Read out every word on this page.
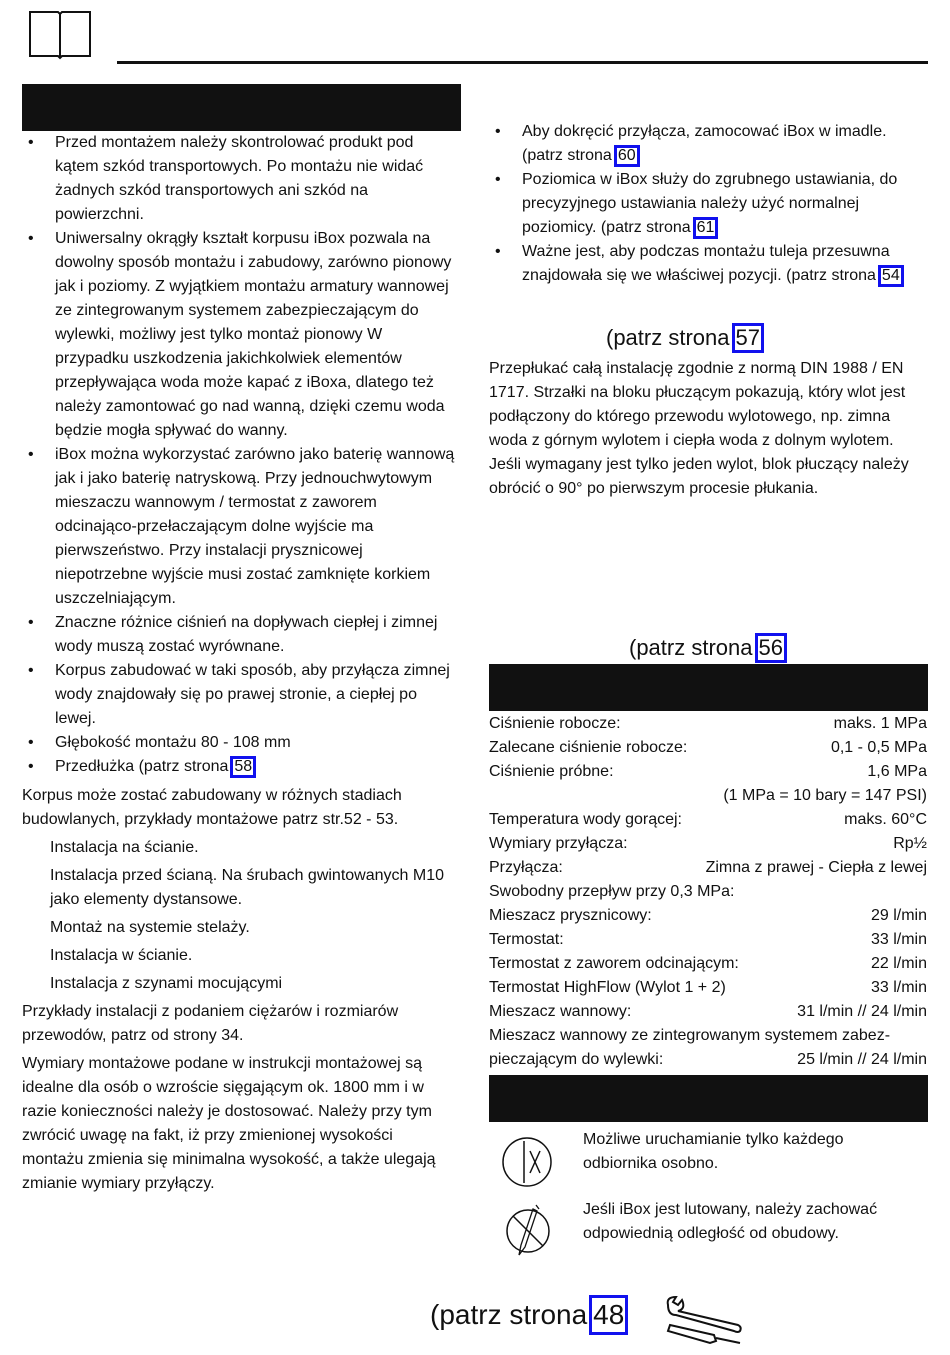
• Przed montażem należy skontrolować produkt pod kątem szkód transportowych. Po montażu nie widać żadnych szkód transportowych ani szkód na powierzchni.
• Uniwersalny okrągły kształt korpusu iBox pozwala na dowolny sposób montażu i zabudowy, zarówno pionowy jak i poziomy. Z wyjątkiem montażu armatury wannowej ze zintegrowanym systemem zabezpieczającym do wylewki, możliwy jest tylko montaż pionowy W przypadku uszkodzenia jakichkolwiek elementów przepływająca woda może kapać z iBoxa, dlatego też należy zamontować go nad wanną, dzięki czemu woda będzie mogła spływać do wanny.
• iBox można wykorzystać zarówno jako baterię wannową jak i jako baterię natryskową. Przy jednouchwytowym mieszaczu wannowym / termostat z zaworem odcinająco-przełaczającym dolne wyjście ma pierwszeństwo. Przy instalacji prysznicowej niepotrzebne wyjście musi zostać zamknięte korkiem uszczelniającym.
• Znaczne różnice ciśnień na dopływach ciepłej i zimnej wody muszą zostać wyrównane.
• Korpus zabudować w taki sposób, aby przyłącza zimnej wody znajdowały się po prawej stronie, a ciepłej po lewej.
• Głębokość montażu 80 - 108 mm
• Przedłużka (patrz strona 58

Korpus może zostać zabudowany w różnych stadiach budowlanych, przykłady montażowe patrz str.52 - 53.

Instalacja na ścianie.

Instalacja przed ścianą. Na śrubach gwintowanych M10 jako elementy dystansowe.

Montaż na systemie stelaży.

Instalacja w ścianie.

Instalacja z szynami mocującymi

Przykłady instalacji z podaniem ciężarów i rozmiarów przewodów, patrz od strony 34.

Wymiary montażowe podane w instrukcji montażowej są idealne dla osób o wzroście sięgającym ok. 1800 mm i w razie konieczności należy je dostosować. Należy przy tym zwrócić uwagę na fakt, iż przy zmienionej wysokości montażu zmienia się minimalna wysokość, a także ulegają zmianie wymiary przyłączy.

• Aby dokręcić przyłącza, zamocować iBox w imadle. (patrz strona 60
• Poziomica w iBox służy do zgrubnego ustawiania, do precyzyjnego ustawiania należy użyć normalnej poziomicy. (patrz strona 61
• Ważne jest, aby podczas montażu tuleja przesuwna znajdowała się we właściwej pozycji. (patrz strona 54
(patrz strona 57
Przepłukać całą instalację zgodnie z normą DIN 1988 / EN 1717. Strzałki na bloku płuczącym pokazują, który wlot jest podłączony do którego przewodu wylotowego, np. zimna woda z górnym wylotem i ciepła woda z dolnym wylotem. Jeśli wymagany jest tylko jeden wylot, blok płuczący należy obrócić o 90° po pierwszym procesie płukania.
(patrz strona 56
Ciśnienie robocze:	maks. 1 MPa
Zalecane ciśnienie robocze:	0,1 - 0,5 MPa
Ciśnienie próbne:	1,6 MPa
(1 MPa = 10 bary = 147 PSI)
Temperatura wody gorącej:	maks. 60°C
Wymiary przyłącza:	Rp½
Przyłącza:	Zimna z prawej - Ciepła z lewej
Swobodny przepływ przy 0,3 MPa:
Mieszacz prysznicowy:	29 l/min
Termostat:	33 l/min
Termostat z zaworem odcinającym:	22 l/min
Termostat HighFlow (Wylot 1 + 2)	33 l/min
Mieszacz wannowy:	31 l/min // 24 l/min
Mieszacz wannowy ze zintegrowanym systemem zabez-
pieczającym do wylewki:	25 l/min // 24 l/min
Możliwe uruchamianie tylko każdego odbiornika osobno.
Jeśli iBox jest lutowany, należy zachować odpowiednią odległość od obudowy.
(patrz strona 48
